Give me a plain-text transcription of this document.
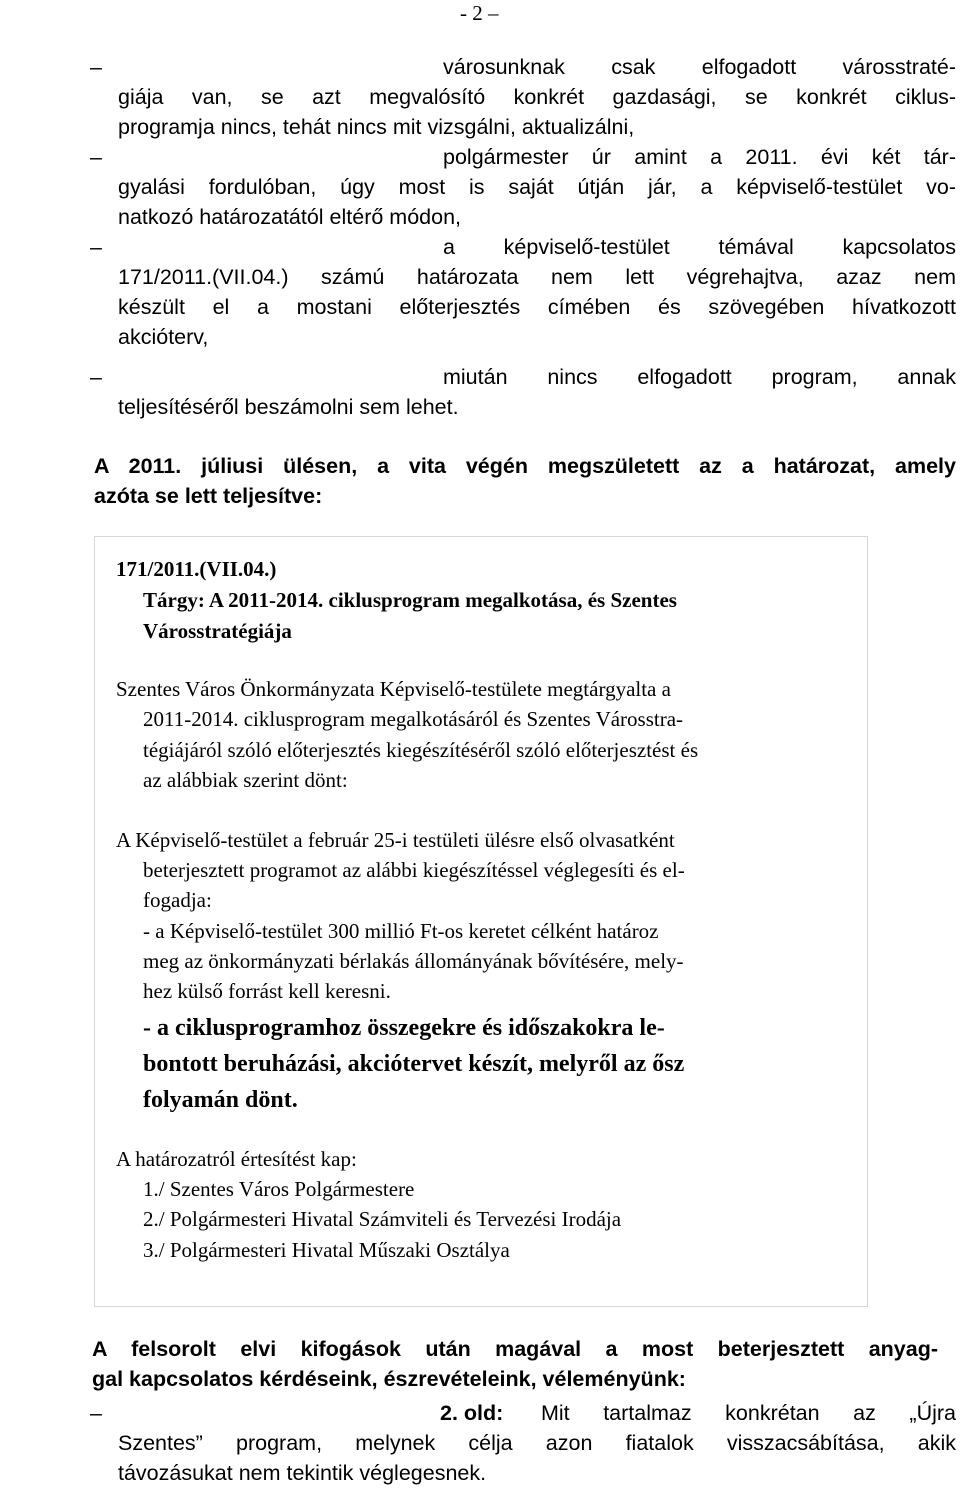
- 2 –
–	városunknak csak elfogadott városstraté-
giája van, se azt megvalósító konkrét gazdasági, se konkrét ciklus-
programja nincs, tehát nincs mit vizsgálni, aktualizálni,
–	polgármester úr amint a 2011. évi két tár-
gyalási fordulóban, úgy most is saját útján jár, a képviselő-testület vo-
natkozó határozatától eltérő módon,
–	a képviselő-testület témával kapcsolatos
171/2011.(VII.04.) számú határozata nem lett végrehajtva, azaz nem
készült el a mostani előterjesztés címében és szövegében hívatkozott
akcióterv,
–	miután nincs elfogadott program, annak
teljesítéséről beszámolni sem lehet.
A 2011. júliusi ülésen, a vita végén megszületett az a határozat, amely
azóta se lett teljesítve:
171/2011.(VII.04.)
Tárgy: A 2011-2014. ciklusprogram megalkotása, és Szentes
Városstratégiája
Szentes Város Önkormányzata Képviselő-testülete megtárgyalta a
2011-2014. ciklusprogram megalkotásáról és Szentes Városstra-
tégiájáról szóló előterjesztés kiegészítéséről szóló előterjesztést és
az alábbiak szerint dönt:
A Képviselő-testület a február 25-i testületi ülésre első olvasatként
beterjesztett programot az alábbi kiegészítéssel véglegesíti és el-
fogadja:
- a Képviselő-testület 300 millió Ft-os keretet célként határoz
meg az önkormányzati bérlakás állományának bővítésére, mely-
hez külső forrást kell keresni.
- a ciklusprogramhoz összegekre és időszakokra le-
bontott beruházási, akciótervet készít, melyről az ősz
folyamán dönt.
A határozatról értesítést kap:
1./ Szentes Város Polgármestere
2./ Polgármesteri Hivatal Számviteli és Tervezési Irodája
3./ Polgármesteri Hivatal Műszaki Osztálya
A felsorolt elvi kifogások után magával a most beterjesztett anyag-
gal kapcsolatos kérdéseink, észrevételeink, véleményünk:
–	2. old:	Mit tartalmaz konkrétan az „Újra
Szentes” program, melynek célja azon fiatalok visszacsábítása, akik
távozásukat nem tekintik véglegesnek.
